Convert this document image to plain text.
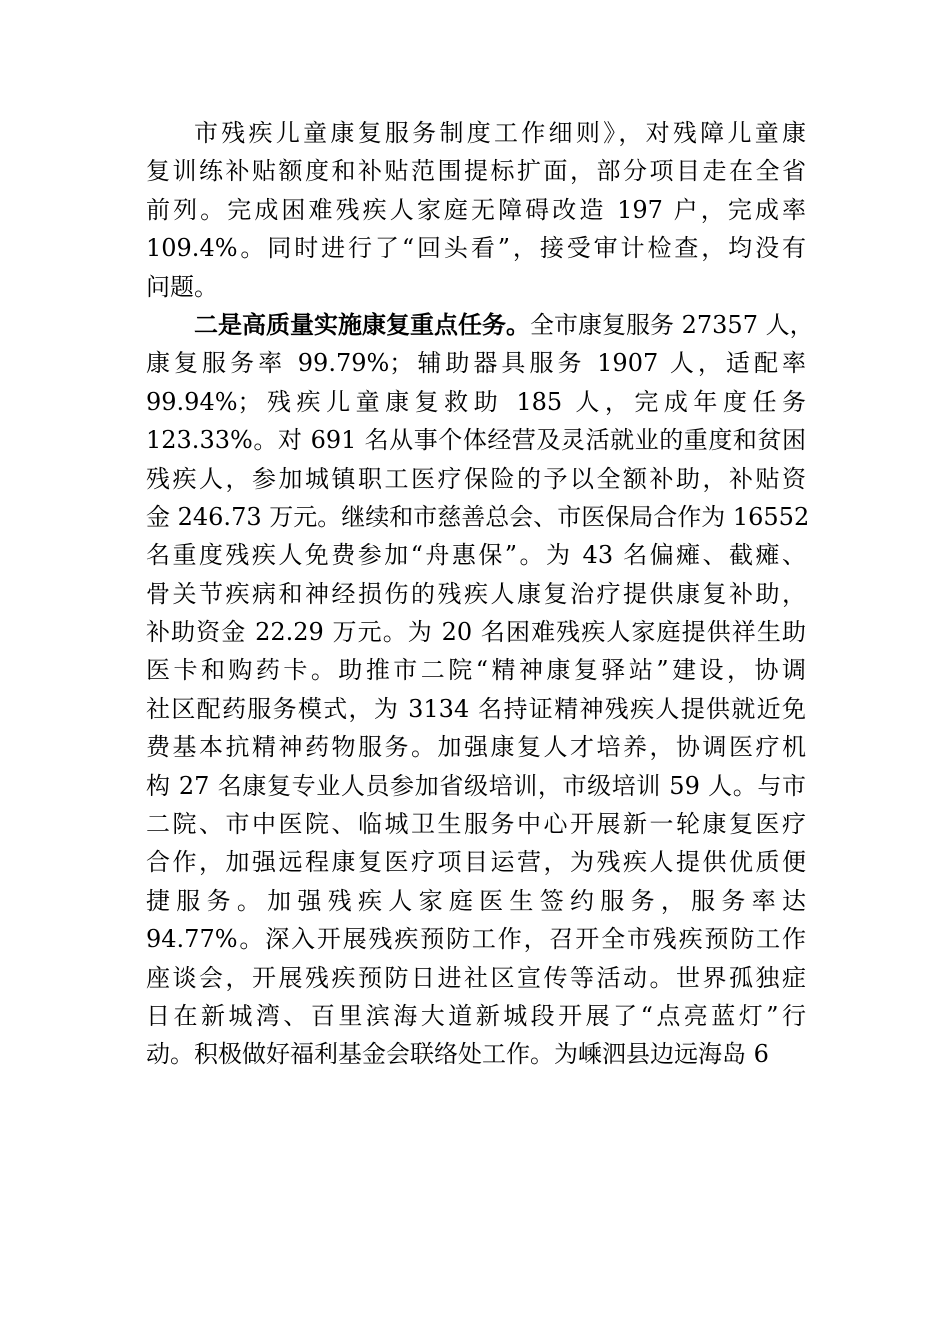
市残疾儿童康复服务制度工作细则》，对残障儿童康
复训练补贴额度和补贴范围提标扩面，部分项目走在全省
前列。完成困难残疾人家庭无障碍改造 197 户，完成率
109.4%。同时进行了“回头看”，接受审计检查，均没有
问题。
二是高质量实施康复重点任务。全市康复服务 27357 人，
康复服务率 99.79%；辅助器具服务 1907 人，适配率
99.94%；残疾儿童康复救助 185 人，完成年度任务
123.33%。对 691 名从事个体经营及灵活就业的重度和贫困
残疾人，参加城镇职工医疗保险的予以全额补助，补贴资
金 246.73 万元。继续和市慈善总会、市医保局合作为 16552
名重度残疾人免费参加“舟惠保”。为 43 名偏瘫、截瘫、
骨关节疾病和神经损伤的残疾人康复治疗提供康复补助，
补助资金 22.29 万元。为 20 名困难残疾人家庭提供祥生助
医卡和购药卡。助推市二院“精神康复驿站”建设，协调
社区配药服务模式，为 3134 名持证精神残疾人提供就近免
费基本抗精神药物服务。加强康复人才培养，协调医疗机
构 27 名康复专业人员参加省级培训，市级培训 59 人。与市
二院、市中医院、临城卫生服务中心开展新一轮康复医疗
合作，加强远程康复医疗项目运营，为残疾人提供优质便
捷服务。加强残疾人家庭医生签约服务，服务率达
94.77%。深入开展残疾预防工作，召开全市残疾预防工作
座谈会，开展残疾预防日进社区宣传等活动。世界孤独症
日在新城湾、百里滨海大道新城段开展了“点亮蓝灯”行
动。积极做好福利基金会联络处工作。为嵊泗县边远海岛 6
